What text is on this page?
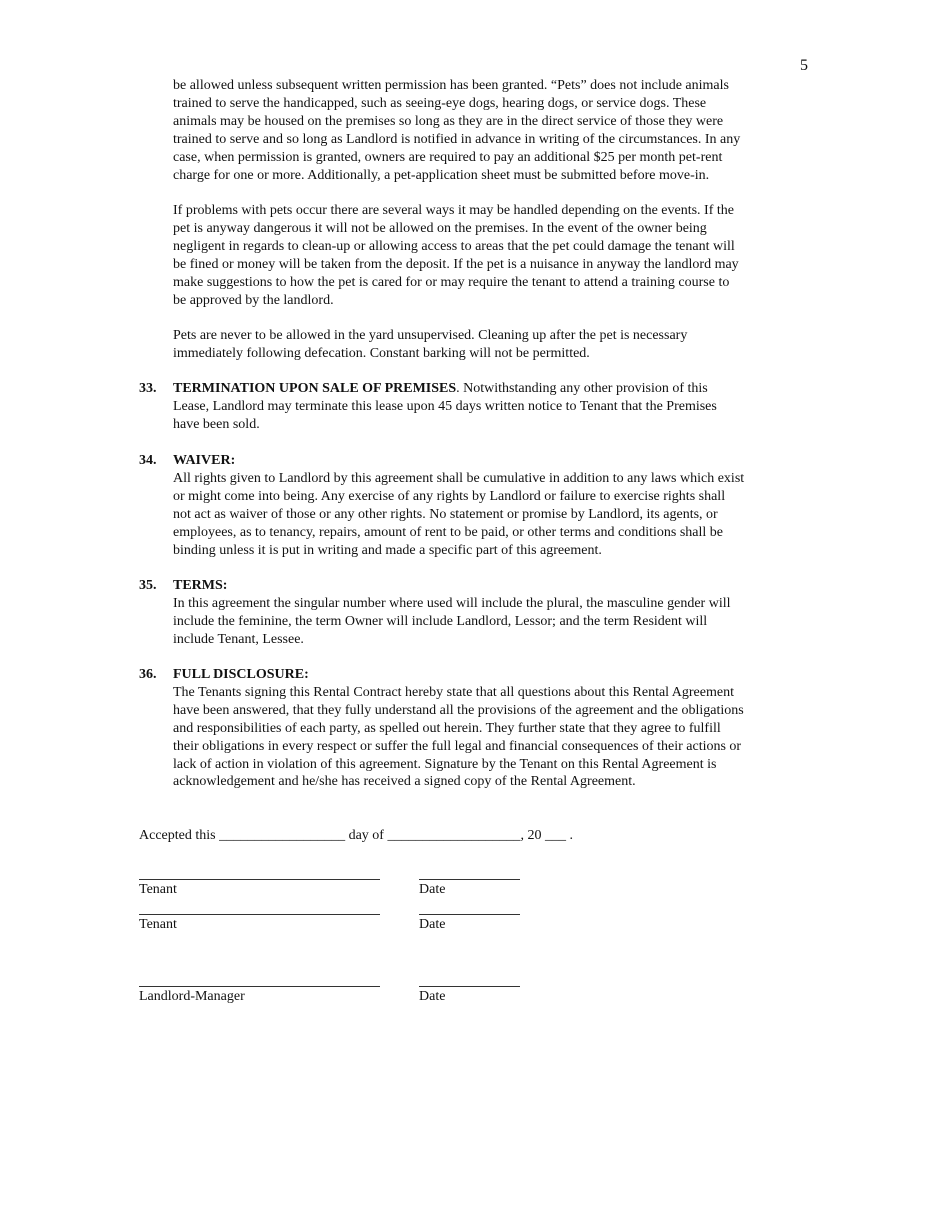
5
be allowed unless subsequent written permission has been granted. “Pets” does not include animals
trained to serve the handicapped, such as seeing-eye dogs, hearing dogs, or service dogs. These
animals may be housed on the premises so long as they are in the direct service of those they were
trained to serve and so long as Landlord is notified in advance in writing of the circumstances. In any
case, when permission is granted, owners are required to pay an additional $25 per month pet-rent
charge for one or more. Additionally, a pet-application sheet must be submitted before move-in.
If problems with pets occur there are several ways it may be handled depending on the events. If the
pet is anyway dangerous it will not be allowed on the premises. In the event of the owner being
negligent in regards to clean-up or allowing access to areas that the pet could damage the tenant will
be fined or money will be taken from the deposit. If the pet is a nuisance in anyway the landlord may
make suggestions to how the pet is cared for or may require the tenant to attend a training course to
be approved by the landlord.
Pets are never to be allowed in the yard unsupervised. Cleaning up after the pet is necessary
immediately following defecation. Constant barking will not be permitted.
33. TERMINATION UPON SALE OF PREMISES. Notwithstanding any other provision of this
Lease, Landlord may terminate this lease upon 45 days written notice to Tenant that the Premises
have been sold.
34. WAIVER:
All rights given to Landlord by this agreement shall be cumulative in addition to any laws which exist
or might come into being. Any exercise of any rights by Landlord or failure to exercise rights shall
not act as waiver of those or any other rights. No statement or promise by Landlord, its agents, or
employees, as to tenancy, repairs, amount of rent to be paid, or other terms and conditions shall be
binding unless it is put in writing and made a specific part of this agreement.
35. TERMS:
In this agreement the singular number where used will include the plural, the masculine gender will
include the feminine, the term Owner will include Landlord, Lessor; and the term Resident will
include Tenant, Lessee.
36. FULL DISCLOSURE:
The Tenants signing this Rental Contract hereby state that all questions about this Rental Agreement
have been answered, that they fully understand all the provisions of the agreement and the obligations
and responsibilities of each party, as spelled out herein. They further state that they agree to fulfill
their obligations in every respect or suffer the full legal and financial consequences of their actions or
lack of action in violation of this agreement. Signature by the Tenant on this Rental Agreement is
acknowledgement and he/she has received a signed copy of the Rental Agreement.
Accepted this __________________ day of ___________________, 20 ___ .
Tenant	Date
Tenant	Date
Landlord-Manager	Date
